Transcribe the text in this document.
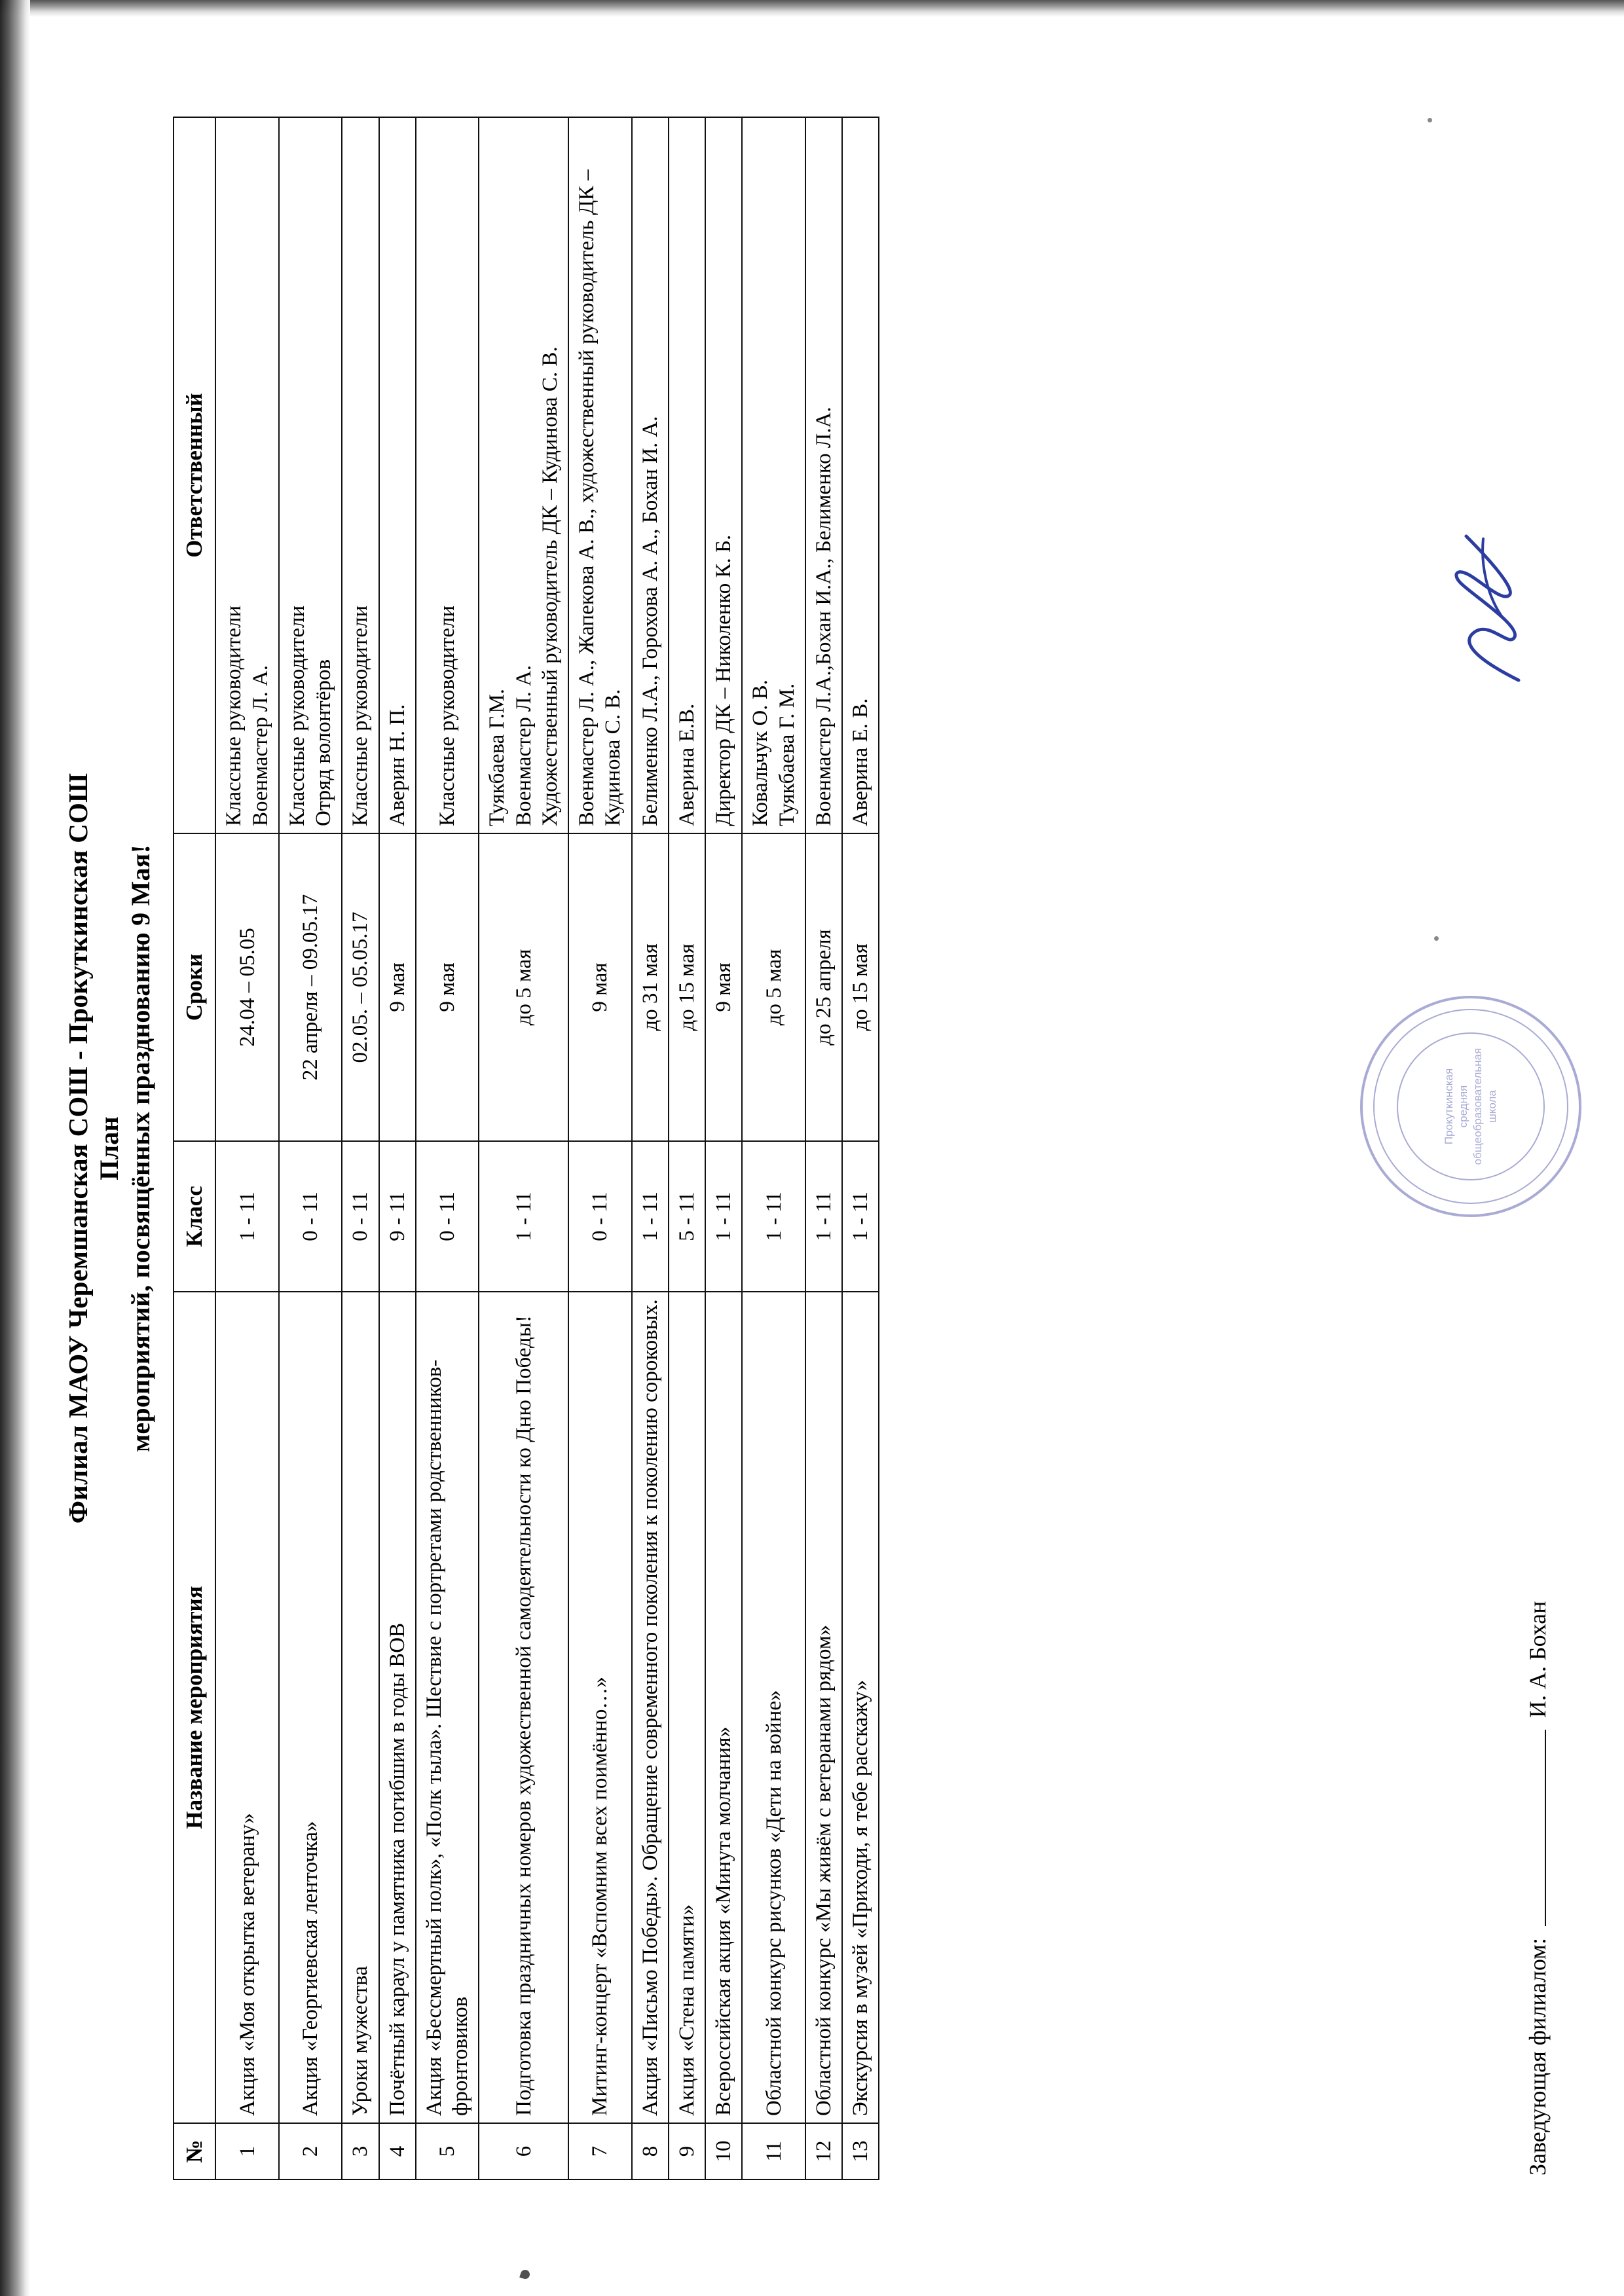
Филиал МАОУ Черемшанская СОШ - Прокуткинская СОШ План мероприятий, посвящённых празднованию 9 Мая!
№	Название мероприятия	Класс	Сроки	Ответственный
1	Акция «Моя открытка ветерану»	1 - 11	24.04 – 05.05	Классные руководители Военмастер Л. А.
2	Акция «Георгиевская ленточка»	0 - 11	22 апреля – 09.05.17	Классные руководители Отряд волонтёров
3	Уроки мужества	0 - 11	02.05. – 05.05.17	Классные руководители
4	Почётный караул у памятника погибшим в годы ВОВ	9 - 11	9 мая	Аверин Н. П.
5	Акция «Бессмертный полк», «Полк тыла». Шествие с портретами родственников-фронтовиков	0 - 11	9 мая	Классные руководители
6	Подготовка праздничных номеров художественной самодеятельности ко Дню Победы!	1 - 11	до 5 мая	Туякбаева Г.М. Военмастер Л. А. Художественный руководитель ДК – Кудинова С. В.
7	Митинг-концерт «Вспомним всех поимённо…»	0 - 11	9 мая	Военмастер Л. А., Жапекова А. В., художественный руководитель ДК – Кудинова С. В.
8	Акция «Письмо Победы». Обращение современного поколения к поколению сороковых.	1 - 11	до 31 мая	Белименко Л.А., Горохова А. А., Бохан И. А.
9	Акция «Стена памяти»	5 - 11	до 15 мая	Аверина Е.В.
10	Всероссийская акция «Минута молчания»	1 - 11	9 мая	Директор ДК – Николенко К. Б.
11	Областной конкурс рисунков «Дети на войне»	1 - 11	до 5 мая	Ковальчук О. В. Туякбаева Г. М.
12	Областной конкурс «Мы живём с ветеранами рядом»	1 - 11	до 25 апреля	Военмастер Л.А.,Бохан И.А., Белименко Л.А.
13	Экскурсия в музей «Приходи, я тебе расскажу»	1 - 11	до 15 мая	Аверина Е. В.
Прокуткинская средняя общеобразовательная школа
Заведующая филиалом:
И. А. Бохан
